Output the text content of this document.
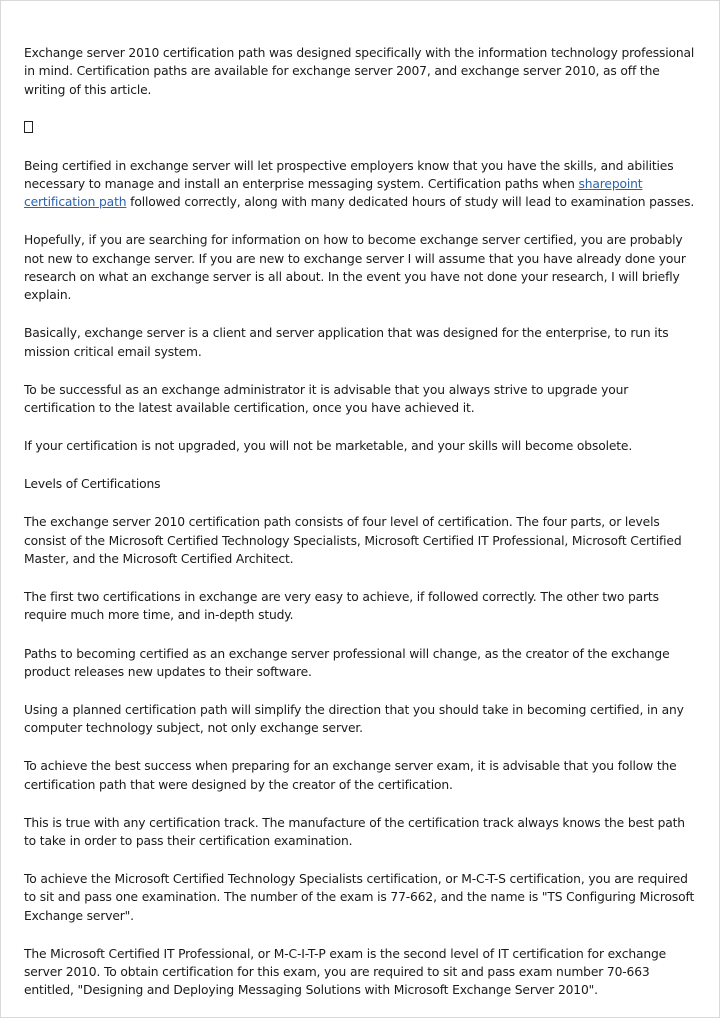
Exchange server 2010 certification path was designed specifically with the information technology professional in mind. Certification paths are available for exchange server 2007, and exchange server 2010, as off the writing of this article.

Being certified in exchange server will let prospective employers know that you have the skills, and abilities necessary to manage and install an enterprise messaging system. Certification paths when sharepoint certification path followed correctly, along with many dedicated hours of study will lead to examination passes.

Hopefully, if you are searching for information on how to become exchange server certified, you are probably not new to exchange server. If you are new to exchange server I will assume that you have already done your research on what an exchange server is all about. In the event you have not done your research, I will briefly explain.

Basically, exchange server is a client and server application that was designed for the enterprise, to run its mission critical email system.

To be successful as an exchange administrator it is advisable that you always strive to upgrade your certification to the latest available certification, once you have achieved it.

If your certification is not upgraded, you will not be marketable, and your skills will become obsolete.

Levels of Certifications

The exchange server 2010 certification path consists of four level of certification. The four parts, or levels consist of the Microsoft Certified Technology Specialists, Microsoft Certified IT Professional, Microsoft Certified Master, and the Microsoft Certified Architect.

The first two certifications in exchange are very easy to achieve, if followed correctly. The other two parts require much more time, and in-depth study.

Paths to becoming certified as an exchange server professional will change, as the creator of the exchange product releases new updates to their software.

Using a planned certification path will simplify the direction that you should take in becoming certified, in any computer technology subject, not only exchange server.

To achieve the best success when preparing for an exchange server exam, it is advisable that you follow the certification path that were designed by the creator of the certification.

This is true with any certification track. The manufacture of the certification track always knows the best path to take in order to pass their certification examination.

To achieve the Microsoft Certified Technology Specialists certification, or M-C-T-S certification, you are required to sit and pass one examination. The number of the exam is 77-662, and the name is "TS Configuring Microsoft Exchange server".

The Microsoft Certified IT Professional, or M-C-I-T-P exam is the second level of IT certification for exchange server 2010. To obtain certification for this exam, you are required to sit and pass exam number 70-663 entitled, "Designing and Deploying Messaging Solutions with Microsoft Exchange Server 2010".
